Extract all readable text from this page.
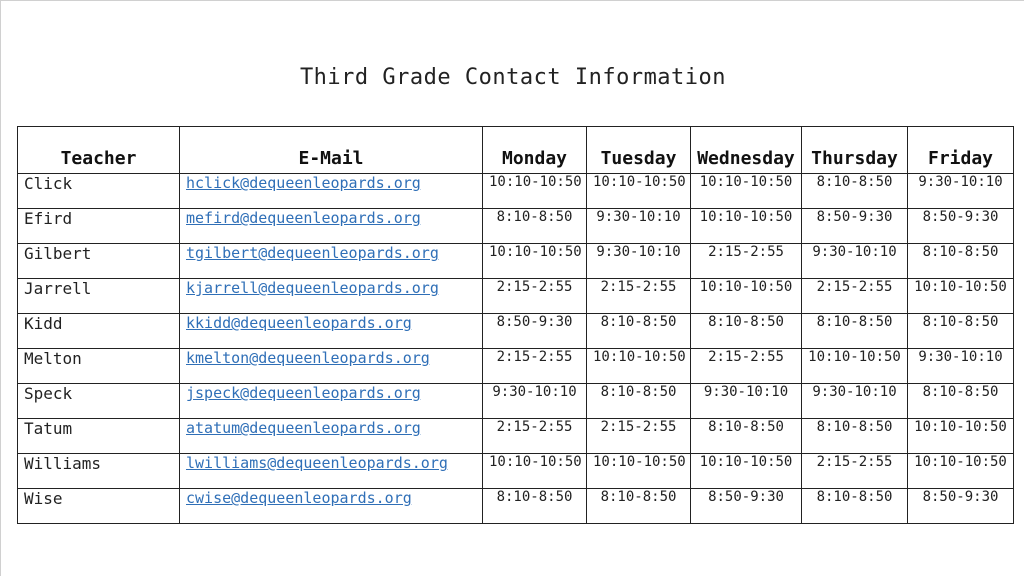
Third Grade Contact Information
Teacher	E-Mail	Monday	Tuesday	Wednesday	Thursday	Friday
Click	hclick@dequeenleopards.org	10:10-10:50	10:10-10:50	10:10-10:50	8:10-8:50	9:30-10:10
Efird	mefird@dequeenleopards.org	8:10-8:50	9:30-10:10	10:10-10:50	8:50-9:30	8:50-9:30
Gilbert	tgilbert@dequeenleopards.org	10:10-10:50	9:30-10:10	2:15-2:55	9:30-10:10	8:10-8:50
Jarrell	kjarrell@dequeenleopards.org	2:15-2:55	2:15-2:55	10:10-10:50	2:15-2:55	10:10-10:50
Kidd	kkidd@dequeenleopards.org	8:50-9:30	8:10-8:50	8:10-8:50	8:10-8:50	8:10-8:50
Melton	kmelton@dequeenleopards.org	2:15-2:55	10:10-10:50	2:15-2:55	10:10-10:50	9:30-10:10
Speck	jspeck@dequeenleopards.org	9:30-10:10	8:10-8:50	9:30-10:10	9:30-10:10	8:10-8:50
Tatum	atatum@dequeenleopards.org	2:15-2:55	2:15-2:55	8:10-8:50	8:10-8:50	10:10-10:50
Williams	lwilliams@dequeenleopards.org	10:10-10:50	10:10-10:50	10:10-10:50	2:15-2:55	10:10-10:50
Wise	cwise@dequeenleopards.org	8:10-8:50	8:10-8:50	8:50-9:30	8:10-8:50	8:50-9:30
